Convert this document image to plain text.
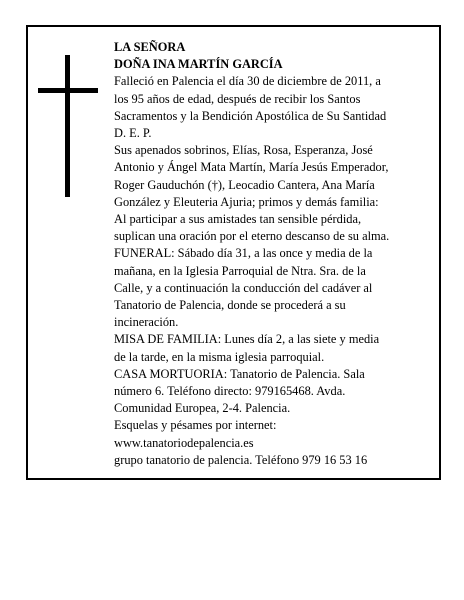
LA SEÑORA
DOÑA INA MARTÍN GARCÍA
Falleció en Palencia el día 30 de diciembre de 2011, a
los 95 años de edad, después de recibir los Santos
Sacramentos y la Bendición Apostólica de Su Santidad
D. E. P.
Sus apenados sobrinos, Elías, Rosa, Esperanza, José
Antonio y Ángel Mata Martín, María Jesús Emperador,
Roger Gauduchón (†), Leocadio Cantera, Ana María
González y Eleuteria Ajuria; primos y demás familia:
Al participar a sus amistades tan sensible pérdida,
suplican una oración por el eterno descanso de su alma.
FUNERAL: Sábado día 31, a las once y media de la
mañana, en la Iglesia Parroquial de Ntra. Sra. de la
Calle, y a continuación la conducción del cadáver al
Tanatorio de Palencia, donde se procederá a su
incineración.
MISA DE FAMILIA: Lunes día 2, a las siete y media
de la tarde, en la misma iglesia parroquial.
CASA MORTUORIA: Tanatorio de Palencia. Sala
número 6. Teléfono directo: 979165468. Avda.
Comunidad Europea, 2-4. Palencia.
Esquelas y pésames por internet:
www.tanatoriodepalencia.es
grupo tanatorio de palencia. Teléfono 979 16 53 16
